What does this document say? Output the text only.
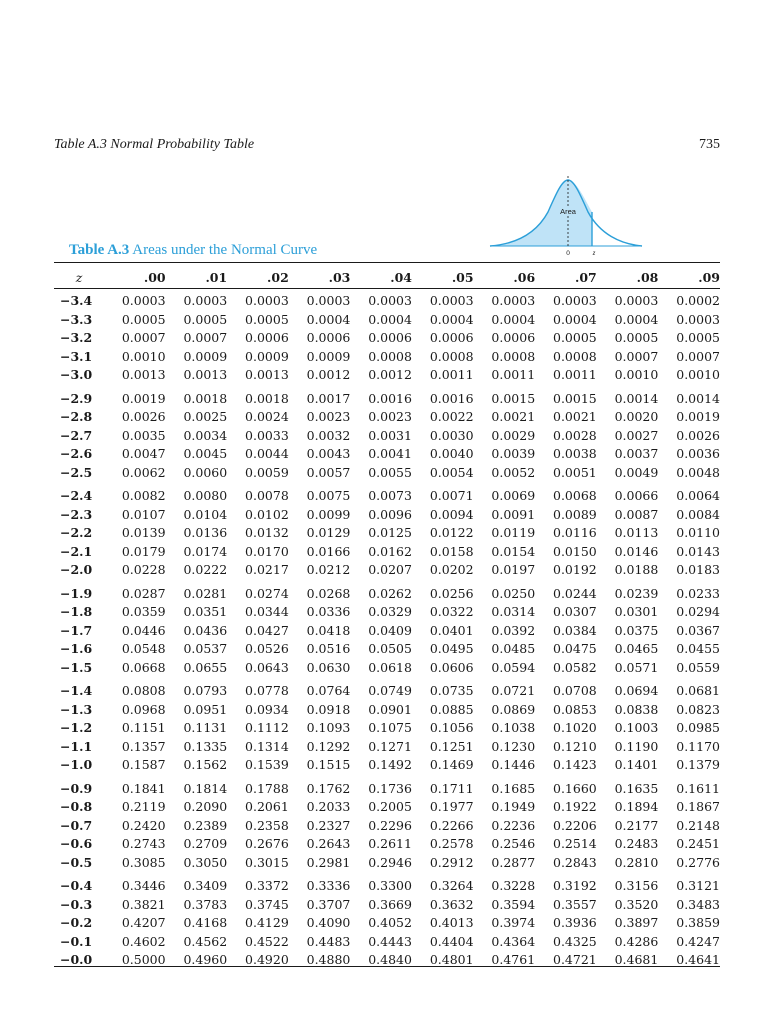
Table A.3 Normal Probability Table	735
Area
0	z
Table A.3 Areas under the Normal Curve
z	.00	.01	.02	.03	.04	.05	.06	.07	.08	.09
−3.4	0.0003	0.0003	0.0003	0.0003	0.0003	0.0003	0.0003	0.0003	0.0003	0.0002
−3.3	0.0005	0.0005	0.0005	0.0004	0.0004	0.0004	0.0004	0.0004	0.0004	0.0003
−3.2	0.0007	0.0007	0.0006	0.0006	0.0006	0.0006	0.0006	0.0005	0.0005	0.0005
−3.1	0.0010	0.0009	0.0009	0.0009	0.0008	0.0008	0.0008	0.0008	0.0007	0.0007
−3.0	0.0013	0.0013	0.0013	0.0012	0.0012	0.0011	0.0011	0.0011	0.0010	0.0010
−2.9	0.0019	0.0018	0.0018	0.0017	0.0016	0.0016	0.0015	0.0015	0.0014	0.0014
−2.8	0.0026	0.0025	0.0024	0.0023	0.0023	0.0022	0.0021	0.0021	0.0020	0.0019
−2.7	0.0035	0.0034	0.0033	0.0032	0.0031	0.0030	0.0029	0.0028	0.0027	0.0026
−2.6	0.0047	0.0045	0.0044	0.0043	0.0041	0.0040	0.0039	0.0038	0.0037	0.0036
−2.5	0.0062	0.0060	0.0059	0.0057	0.0055	0.0054	0.0052	0.0051	0.0049	0.0048
−2.4	0.0082	0.0080	0.0078	0.0075	0.0073	0.0071	0.0069	0.0068	0.0066	0.0064
−2.3	0.0107	0.0104	0.0102	0.0099	0.0096	0.0094	0.0091	0.0089	0.0087	0.0084
−2.2	0.0139	0.0136	0.0132	0.0129	0.0125	0.0122	0.0119	0.0116	0.0113	0.0110
−2.1	0.0179	0.0174	0.0170	0.0166	0.0162	0.0158	0.0154	0.0150	0.0146	0.0143
−2.0	0.0228	0.0222	0.0217	0.0212	0.0207	0.0202	0.0197	0.0192	0.0188	0.0183
−1.9	0.0287	0.0281	0.0274	0.0268	0.0262	0.0256	0.0250	0.0244	0.0239	0.0233
−1.8	0.0359	0.0351	0.0344	0.0336	0.0329	0.0322	0.0314	0.0307	0.0301	0.0294
−1.7	0.0446	0.0436	0.0427	0.0418	0.0409	0.0401	0.0392	0.0384	0.0375	0.0367
−1.6	0.0548	0.0537	0.0526	0.0516	0.0505	0.0495	0.0485	0.0475	0.0465	0.0455
−1.5	0.0668	0.0655	0.0643	0.0630	0.0618	0.0606	0.0594	0.0582	0.0571	0.0559
−1.4	0.0808	0.0793	0.0778	0.0764	0.0749	0.0735	0.0721	0.0708	0.0694	0.0681
−1.3	0.0968	0.0951	0.0934	0.0918	0.0901	0.0885	0.0869	0.0853	0.0838	0.0823
−1.2	0.1151	0.1131	0.1112	0.1093	0.1075	0.1056	0.1038	0.1020	0.1003	0.0985
−1.1	0.1357	0.1335	0.1314	0.1292	0.1271	0.1251	0.1230	0.1210	0.1190	0.1170
−1.0	0.1587	0.1562	0.1539	0.1515	0.1492	0.1469	0.1446	0.1423	0.1401	0.1379
−0.9	0.1841	0.1814	0.1788	0.1762	0.1736	0.1711	0.1685	0.1660	0.1635	0.1611
−0.8	0.2119	0.2090	0.2061	0.2033	0.2005	0.1977	0.1949	0.1922	0.1894	0.1867
−0.7	0.2420	0.2389	0.2358	0.2327	0.2296	0.2266	0.2236	0.2206	0.2177	0.2148
−0.6	0.2743	0.2709	0.2676	0.2643	0.2611	0.2578	0.2546	0.2514	0.2483	0.2451
−0.5	0.3085	0.3050	0.3015	0.2981	0.2946	0.2912	0.2877	0.2843	0.2810	0.2776
−0.4	0.3446	0.3409	0.3372	0.3336	0.3300	0.3264	0.3228	0.3192	0.3156	0.3121
−0.3	0.3821	0.3783	0.3745	0.3707	0.3669	0.3632	0.3594	0.3557	0.3520	0.3483
−0.2	0.4207	0.4168	0.4129	0.4090	0.4052	0.4013	0.3974	0.3936	0.3897	0.3859
−0.1	0.4602	0.4562	0.4522	0.4483	0.4443	0.4404	0.4364	0.4325	0.4286	0.4247
−0.0	0.5000	0.4960	0.4920	0.4880	0.4840	0.4801	0.4761	0.4721	0.4681	0.4641
